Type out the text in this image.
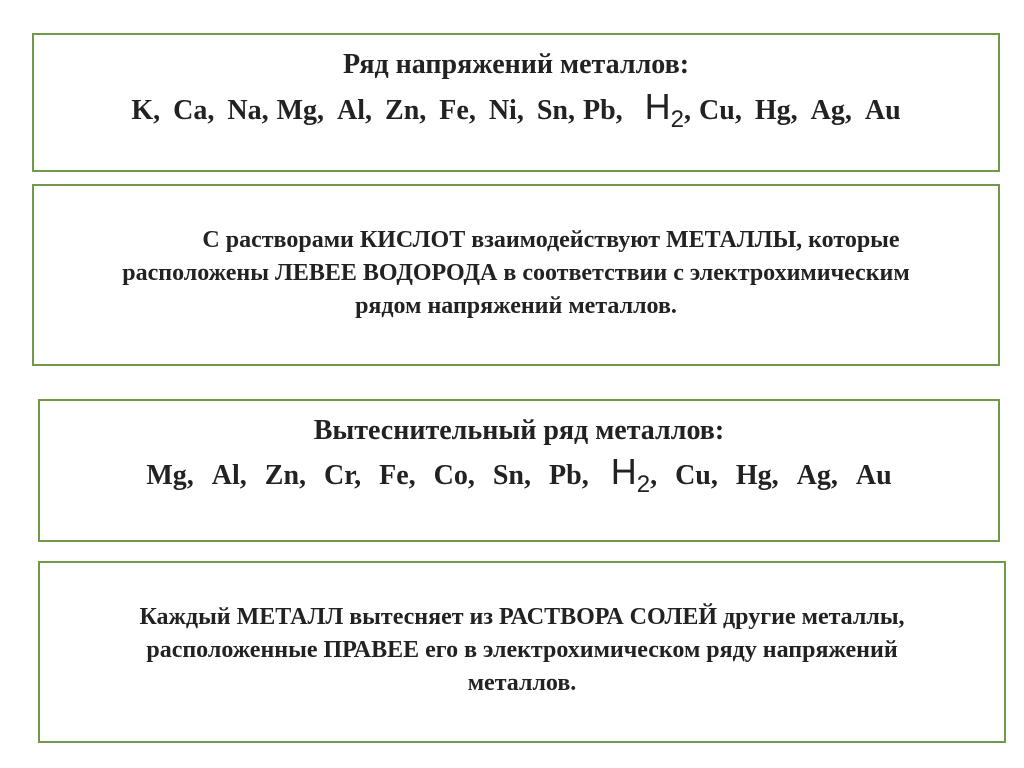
Ряд напряжений металлов:
K, Ca, Na, Mg, Al, Zn, Fe, Ni, Sn, Pb, $H_2$ , Cu, Hg, Ag, Au
С растворами КИСЛОТ взаимодействуют МЕТАЛЛЫ, которые
расположены ЛЕВЕЕ ВОДОРОДА в соответствии с электрохимическим
рядом напряжений металлов.
Вытеснительный ряд металлов:
Mg, Al, Zn, Cr, Fe, Co, Sn, Pb, $H_2$ , Cu, Hg, Ag, Au
Каждый МЕТАЛЛ вытесняет из РАСТВОРА СОЛЕЙ другие металлы,
расположенные ПРАВЕЕ его в электрохимическом ряду напряжений
металлов.
